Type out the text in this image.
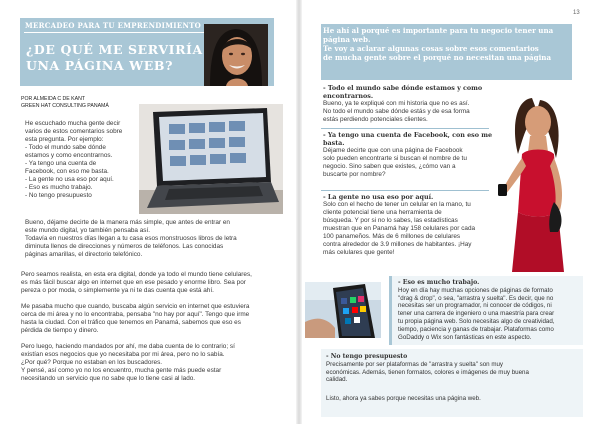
MERCADEO PARA TU EMPRENDIMIENTO
¿DE QUÉ ME SERVIRÍA UNA PÁGINA WEB?
POR ALMEIDA C DE KANT
GREEN HAT CONSULTING PANAMÁ
He escuchado mucha gente decir
varios de estos comentarios sobre
esta pregunta. Por ejemplo:
- Todo el mundo sabe dónde
estamos y como encontrarnos.
- Ya tengo una cuenta de
Facebook, con eso me basta.
- La gente no usa eso por aquí.
- Eso es mucho trabajo.
- No tengo presupuesto
Bueno, déjame decirte de la manera más simple, que antes de entrar en
este mundo digital, yo también pensaba así.
Todavía en nuestros días llegan a tu casa esos monstruosos libros de letra
diminuta llenos de direcciones y números de teléfonos. Las conocidas
páginas amarillas, el directorio telefónico.

Pero seamos realista, en esta era digital, donde ya todo el mundo tiene celulares,
es más fácil buscar algo en internet que en ese pesado y enorme libro. Sea por
pereza o por moda, o simplemente ya ni te das cuenta que está ahí.

Me pasaba mucho que cuando, buscaba algún servicio en internet que estuviera
cerca de mi área y no lo encontraba, pensaba "no hay por aquí". Tengo que irme
hasta la ciudad. Con el tráfico que tenemos en Panamá, sabemos que eso es
pérdida de tiempo y dinero.

Pero luego, haciendo mandados por ahí, me daba cuenta de lo contrario; sí
existían esos negocios que yo necesitaba por mi área, pero no lo sabía.
¿Por qué? Porque no estaban en los buscadores.
Y pensé, así como yo no los encuentro, mucha gente más puede estar
necesitando un servicio que no sabe que lo tiene casi al lado.

13
He ahí al porqué es importante para tu negocio tener una
página web.
Te voy a aclarar algunas cosas sobre esos comentarios
de mucha gente sobre el porqué no necesitan una página
- Todo el mundo sabe dónde estamos y como encontrarnos.
Bueno, ya te expliqué con mi historia que no es así.
No todo el mundo sabe dónde estás y de esa forma
estás perdiendo potenciales clientes.
- Ya tengo una cuenta de Facebook, con eso me basta.
Déjame decirte que con una página de Facebook
solo pueden encontrarte si buscan el nombre de tu
negocio. Sino saben que existes, ¿cómo van a
buscarte por nombre?
- La gente no usa eso por aquí.
Solo con el hecho de tener un celular en la mano, tu
cliente potencial tiene una herramienta de
búsqueda. Y por si no lo sabes, las estadísticas
muestran que en Panamá hay 158 celulares por cada
100 panameños. Más de 6 millones de celulares
contra alrededor de 3.9 millones de habitantes. ¡Hay
más celulares que gente!

- Eso es mucho trabajo.
Hoy en día hay muchas opciones de páginas de formato
"drag & drop", o sea, "arrastra y suelta". Es decir, que no
necesitas ser un programador, ni conocer de códigos, ni
tener una carrera de ingeniero o una maestría para crear
tu propia página web. Solo necesitas algo de creatividad,
tiempo, paciencia y ganas de trabajar. Plataformas como
GoDaddy o Wix son fantásticas en este aspecto.

- No tengo presupuesto
Precisamente por ser plataformas de "arrastra y suelta" son muy
económicas. Además, tienen formatos, colores e imágenes de muy buena
calidad.

Listo, ahora ya sabes porque necesitas una página web.
